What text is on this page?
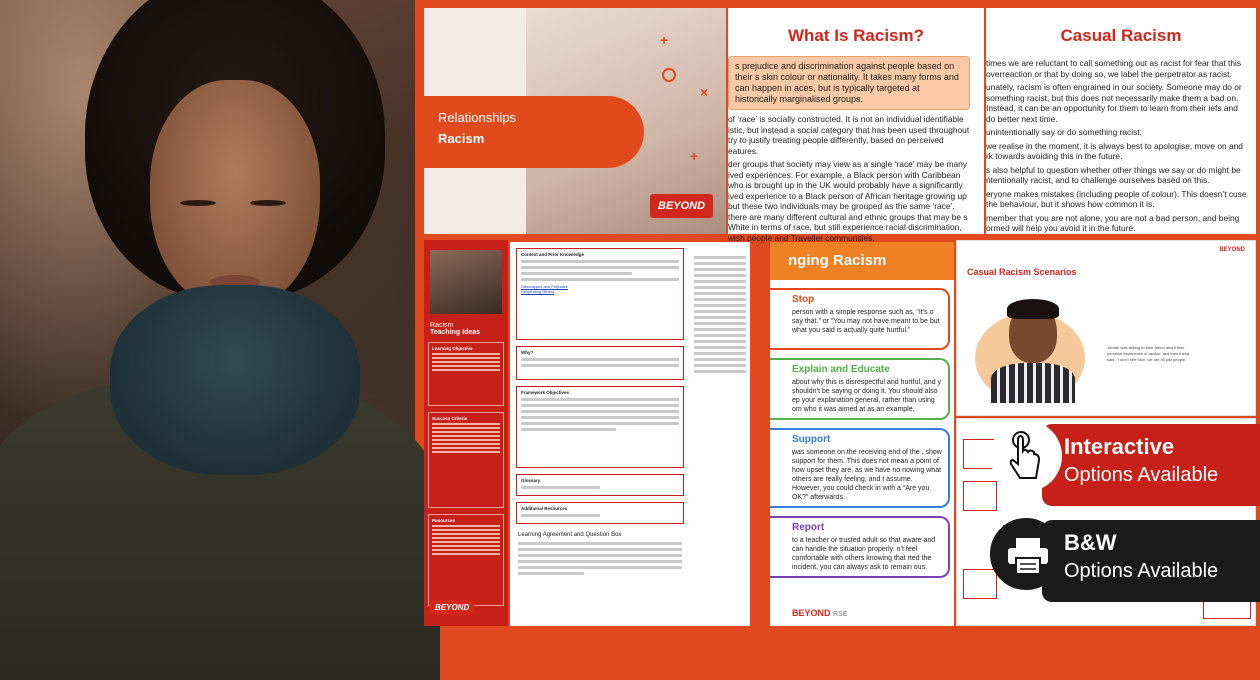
+
×
+
Relationships
Racism
BEYOND
What Is Racism?
s prejudice and discrimination against people based on their s skin colour or nationality. It takes many forms and can happen in aces, but is typically targeted at historically marginalised groups.

of ‘race’ is socially constructed. It is not an individual identifiable istic, but instead a social category that has been used throughout try to justify treating people differently, based on perceived eatures.

der groups that society may view as a single ‘race’ may be many ived experiences. For example, a Black person with Caribbean who is brought up in the UK would probably have a significantly ived experience to a Black person of African heritage growing up but these two individuals may be grouped as the same ‘race’. there are many different cultural and ethnic groups that may be s White in terms of race, but still experience racial discrimination, wish people and Traveller communities.

Casual Racism

times we are reluctant to call something out as racist for fear that this overreaction or that by doing so, we label the perpetrator as racist.

unately, racism is often engrained in our society. Someone may do or something racist, but this does not necessarily make them a bad on. Instead, it can be an opportunity for them to learn from their iefs and do better next time.

unintentionally say or do something racist:

we realise in the moment, it is always best to apologise, move on and rk towards avoiding this in the future.

s also helpful to question whether other things we say or do might be ntentionally racist, and to challenge ourselves based on this.

eryone makes mistakes (including people of colour). This doesn’t cuse the behaviour, but it shows how common it is.

member that you are not alone, you are not a bad person, and being ormed will help you avoid it in the future.

Racism
Teaching Ideas
Learning Objective
Success Criteria
Resources
BEYOND
Context and Prior Knowledge
Stereotypes and Prejudice
Respecting Others
Why?
Framework Objectives
Glossary
Additional Resources
Learning Agreement and Question Box
nging Racism
Stop
person with a simple response such as, “It’s o say that.” or “You may not have meant to be but what you said is actually quite hurtful.”
Explain and Educate
about why this is disrespectful and hurtful, and y shouldn’t be saying or doing it. You should also ep your explanation general, rather than using om who it was aimed at as an example.
Support
was someone on the receiving end of the , show support for them. This does not mean a point of how upset they are, as we have no nowing what others are really feeling, and t assume. However, you could check in with a “Are you OK?” afterwards.
Report
to a teacher or trusted adult so that aware and can handle the situation properly. n’t feel comfortable with others knowing that rted the incident, you can always ask to remain ous.
BEYOND RSE
BEYOND
Casual Racism Scenarios
Jordan was talking to their friend about their personal experience of racism, and their friend said, “I don’t see race, we are all just people.”
Interactive
Options Available
B&W
Options Available
